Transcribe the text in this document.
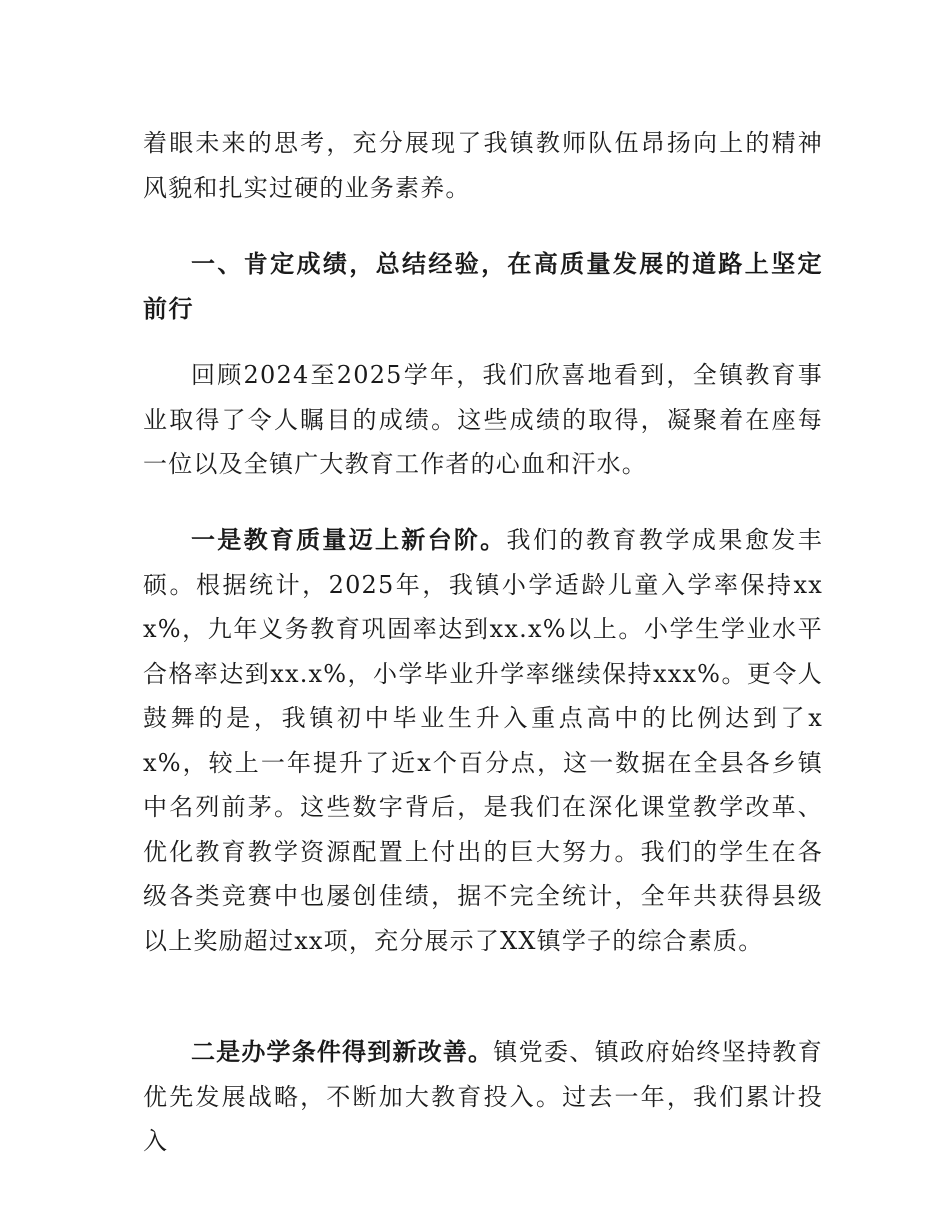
着眼未来的思考，充分展现了我镇教师队伍昂扬向上的精神风貌和扎实过硬的业务素养。

一、肯定成绩，总结经验，在高质量发展的道路上坚定前行

回顾2024至2025学年，我们欣喜地看到，全镇教育事业取得了令人瞩目的成绩。这些成绩的取得，凝聚着在座每一位以及全镇广大教育工作者的心血和汗水。

一是教育质量迈上新台阶。我们的教育教学成果愈发丰硕。根据统计，2025年，我镇小学适龄儿童入学率保持xxx%，九年义务教育巩固率达到xx.x%以上。小学生学业水平合格率达到xx.x%，小学毕业升学率继续保持xxx%。更令人鼓舞的是，我镇初中毕业生升入重点高中的比例达到了xx%，较上一年提升了近x个百分点，这一数据在全县各乡镇中名列前茅。这些数字背后，是我们在深化课堂教学改革、优化教育教学资源配置上付出的巨大努力。我们的学生在各级各类竞赛中也屡创佳绩，据不完全统计，全年共获得县级以上奖励超过xx项，充分展示了XX镇学子的综合素质。

二是办学条件得到新改善。镇党委、镇政府始终坚持教育优先发展战略，不断加大教育投入。过去一年，我们累计投入
